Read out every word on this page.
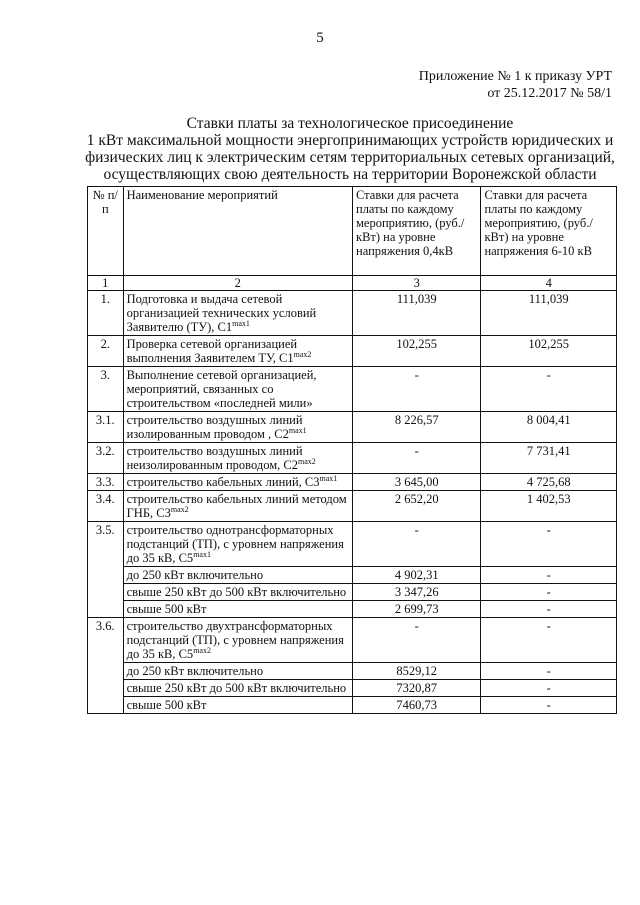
5
Приложение № 1 к приказу УРТ
от 25.12.2017 № 58/1
Ставки платы за технологическое присоединение
1 кВт максимальной мощности энергопринимающих устройств юридических и
физических лиц к электрическим сетям территориальных сетевых организаций,
осуществляющих свою деятельность на территории Воронежской области
№ п/п	Наименование мероприятий	Ставки для расчета платы по каждому мероприятию, (руб./кВт) на уровне напряжения 0,4кВ	Ставки для расчета платы по каждому мероприятию, (руб./кВт) на уровне напряжения 6-10 кВ
1	2	3	4
1.	Подготовка и выдача сетевой организацией технических условий Заявителю (ТУ), $С1^{max1}$	111,039	111,039
2.	Проверка сетевой организацией выполнения Заявителем ТУ, $С1^{max2}$	102,255	102,255
3.	Выполнение сетевой организацией, мероприятий, связанных со строительством «последней мили»	-	-
3.1.	строительство воздушных линий изолированным проводом , $С2^{max1}$	8 226,57	8 004,41
3.2.	строительство воздушных линий неизолированным проводом, $С2^{max2}$	-	7 731,41
3.3.	строительство кабельных линий, $С3^{max1}$	3 645,00	4 725,68
3.4.	строительство кабельных линий методом ГНБ, $С3^{max2}$	2 652,20	1 402,53
3.5.	строительство однотрансформаторных подстанций (ТП), с уровнем напряжения до 35 кВ, $С5^{max1}$	-	-
	до 250 кВт включительно	4 902,31	-
	свыше 250 кВт до 500 кВт включительно	3 347,26	-
	свыше 500 кВт	2 699,73	-
3.6.	строительство двухтрансформаторных подстанций (ТП), с уровнем напряжения до 35 кВ, $С5^{max2}$	-	-
	до 250 кВт включительно	8529,12	-
	свыше 250 кВт до 500 кВт включительно	7320,87	-
	свыше 500 кВт	7460,73	-
